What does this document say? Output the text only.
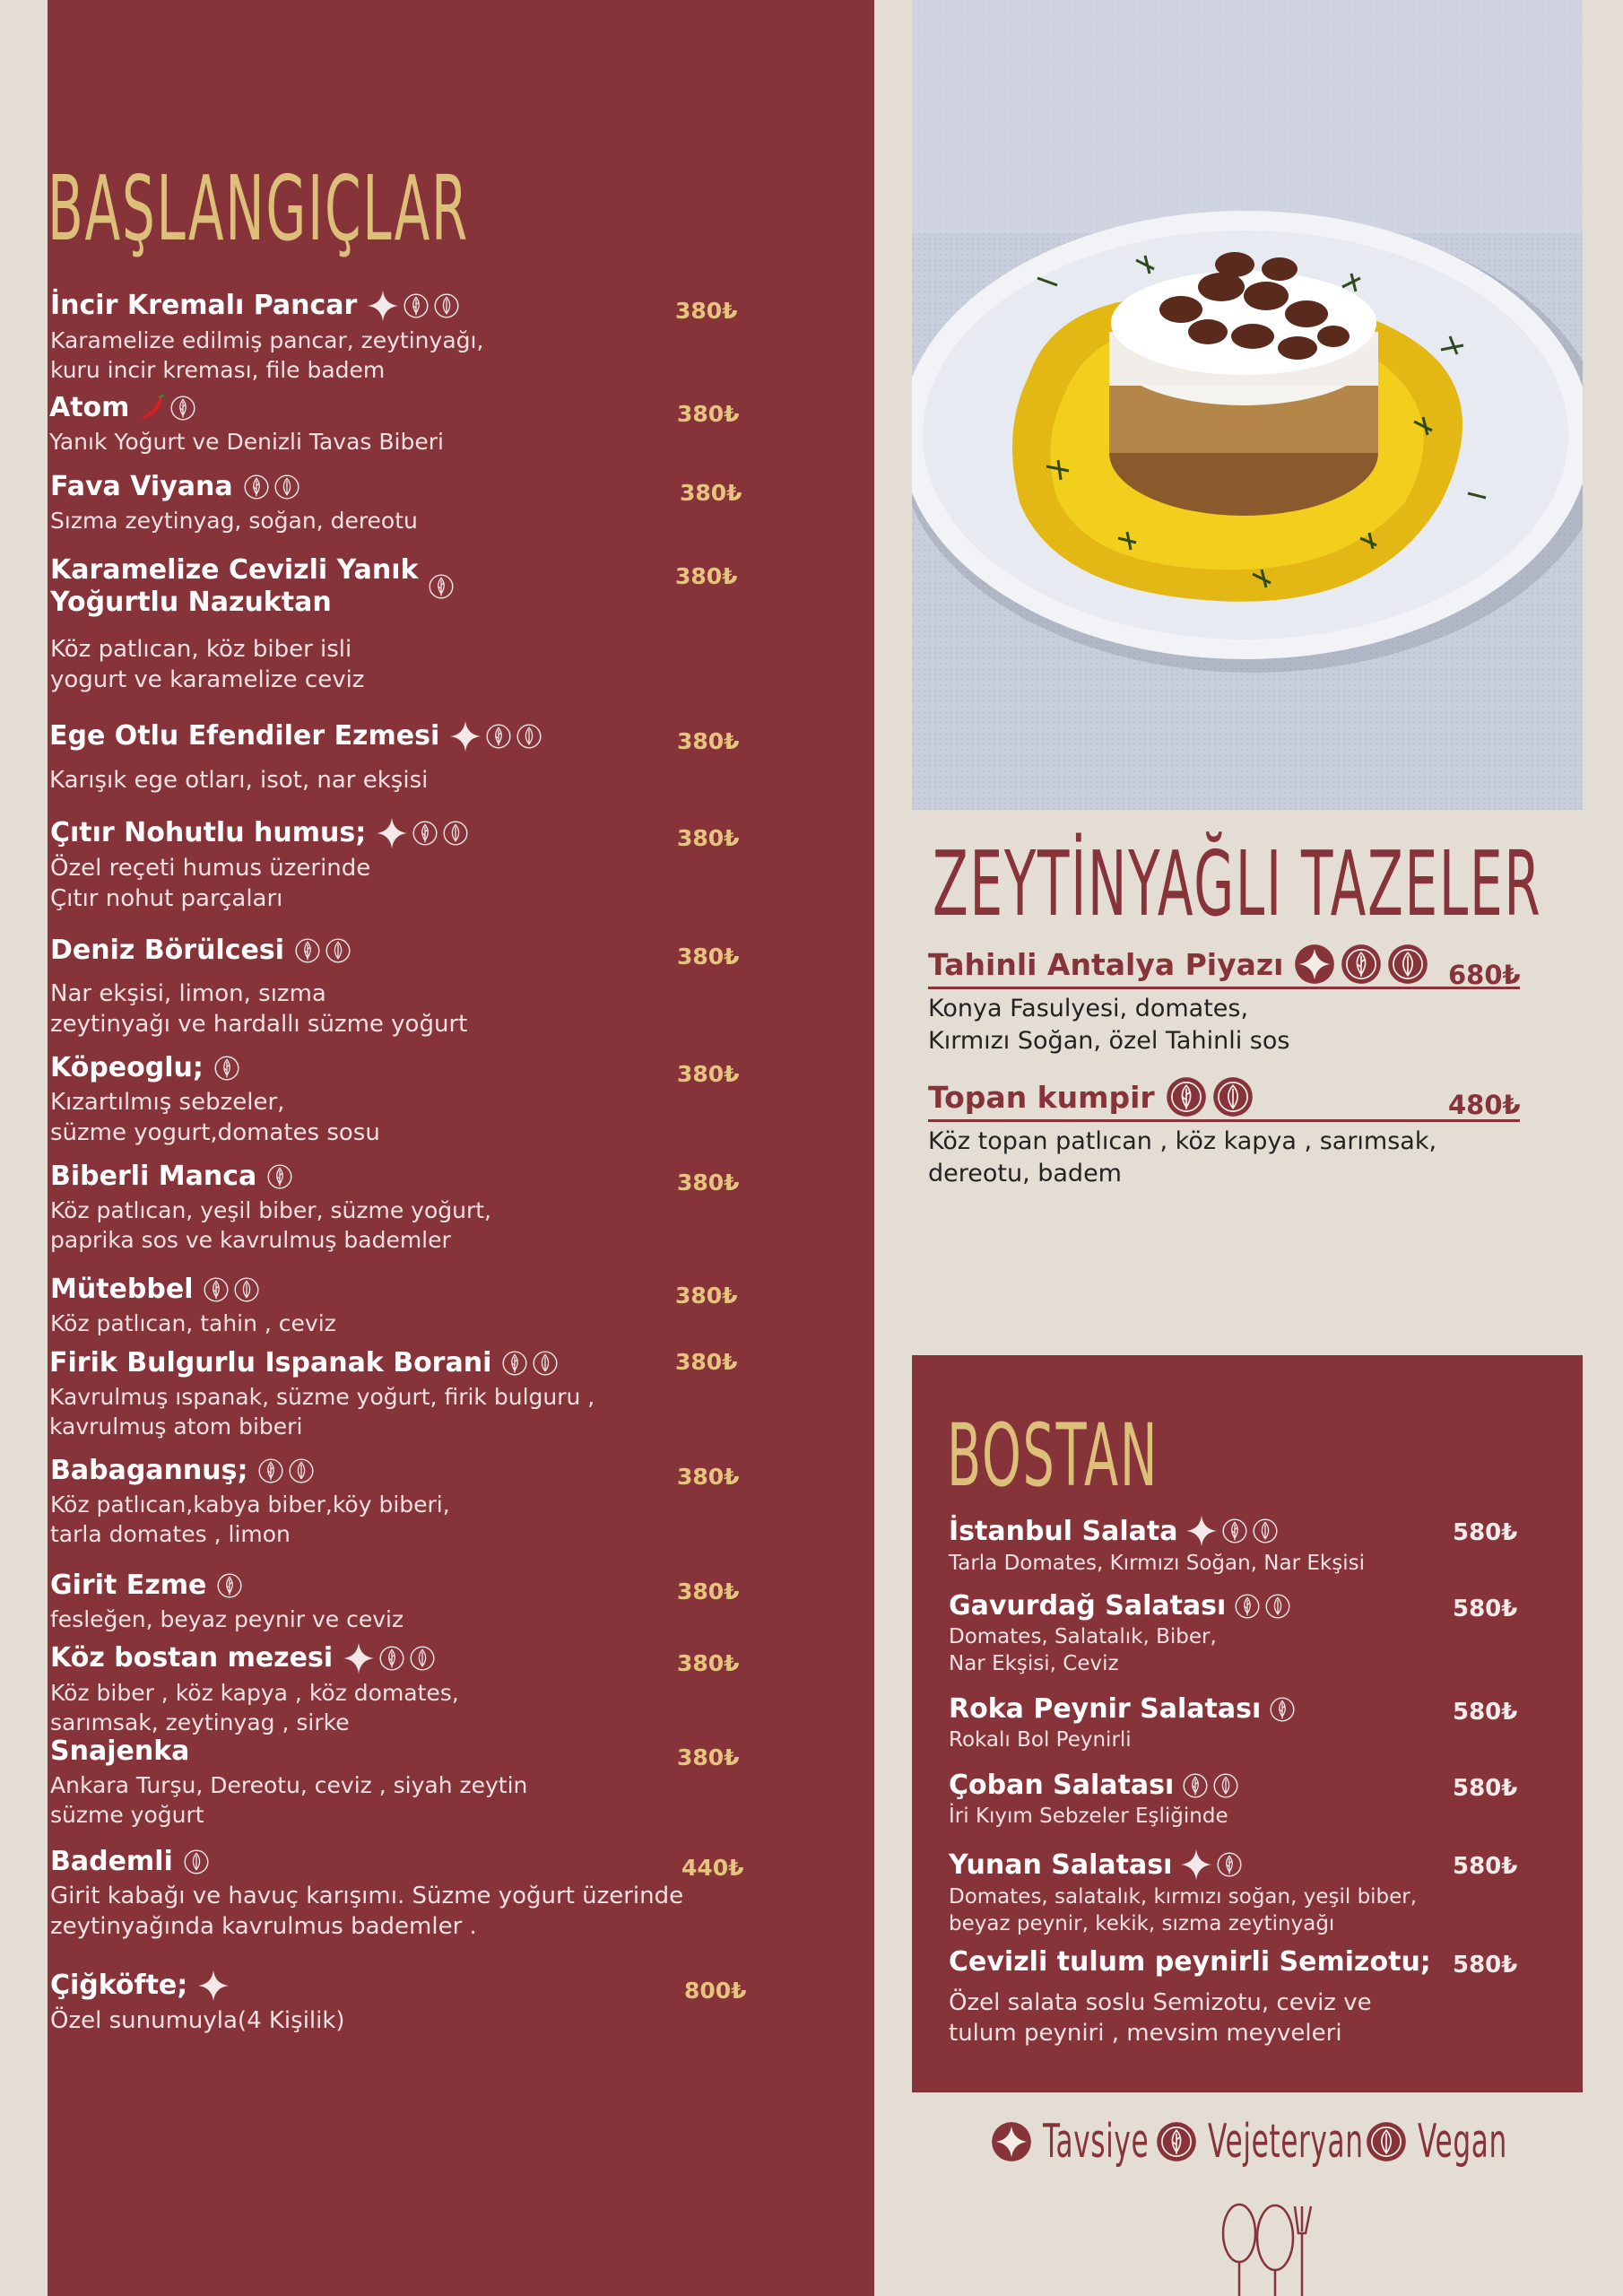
BAŞLANGIÇLAR
İncir Kremalı Pancar
Karamelize edilmiş pancar, zeytinyağı,
kuru incir kreması, file badem
380₺
Atom
Yanık Yoğurt ve Denizli Tavas Biberi
380₺
Fava Viyana
Sızma zeytinyag, soğan, dereotu
380₺
Karamelize Cevizli Yanık
Yoğurtlu Nazuktan
Köz patlıcan, köz biber isli
yogurt ve karamelize ceviz
380₺
Ege Otlu Efendiler Ezmesi
Karışık ege otları, isot, nar ekşisi
380₺
Çıtır Nohutlu humus;
Özel reçeti humus üzerinde
Çıtır nohut parçaları
380₺
Deniz Börülcesi
Nar ekşisi, limon, sızma
zeytinyağı ve hardallı süzme yoğurt
380₺
Köpeoglu;
Kızartılmış sebzeler,
süzme yogurt,domates sosu
380₺
Biberli Manca
Köz patlıcan, yeşil biber, süzme yoğurt,
paprika sos ve kavrulmuş bademler
380₺
Mütebbel
Köz patlıcan, tahin , ceviz
380₺
Firik Bulgurlu Ispanak Borani
Kavrulmuş ıspanak, süzme yoğurt, firik bulguru ,
kavrulmuş atom biberi
380₺
Babagannuş;
Köz patlıcan,kabya biber,köy biberi,
tarla domates , limon
380₺
Girit Ezme
fesleğen, beyaz peynir ve ceviz
380₺
Köz bostan mezesi
Köz biber , köz kapya , köz domates,
sarımsak, zeytinyag , sirke
380₺
Snajenka
Ankara Turşu, Dereotu, ceviz , siyah zeytin
süzme yoğurt
380₺
Bademli
Girit kabağı ve havuç karışımı. Süzme yoğurt üzerinde
zeytinyağında kavrulmus bademler .
440₺
Çiğköfte;
Özel sunumuyla(4 Kişilik)
800₺
ZEYTİNYAĞLI TAZELER
Tahinli Antalya Piyazı
Konya Fasulyesi, domates,
Kırmızı Soğan, özel Tahinli sos
680₺
Topan kumpir
Köz topan patlıcan , köz kapya , sarımsak,
dereotu, badem
480₺
BOSTAN
İstanbul Salata
Tarla Domates, Kırmızı Soğan, Nar Ekşisi
580₺
Gavurdağ Salatası
Domates, Salatalık, Biber,
Nar Ekşisi, Ceviz
580₺
Roka Peynir Salatası
Rokalı Bol Peynirli
580₺
Çoban Salatası
İri Kıyım Sebzeler Eşliğinde
580₺
Yunan Salatası
Domates, salatalık, kırmızı soğan, yeşil biber,
beyaz peynir, kekik, sızma zeytinyağı
580₺
Cevizli tulum peynirli Semizotu;
Özel salata soslu Semizotu, ceviz ve
tulum peyniri , mevsim meyveleri
580₺
Tavsiye Vejeteryan Vegan
